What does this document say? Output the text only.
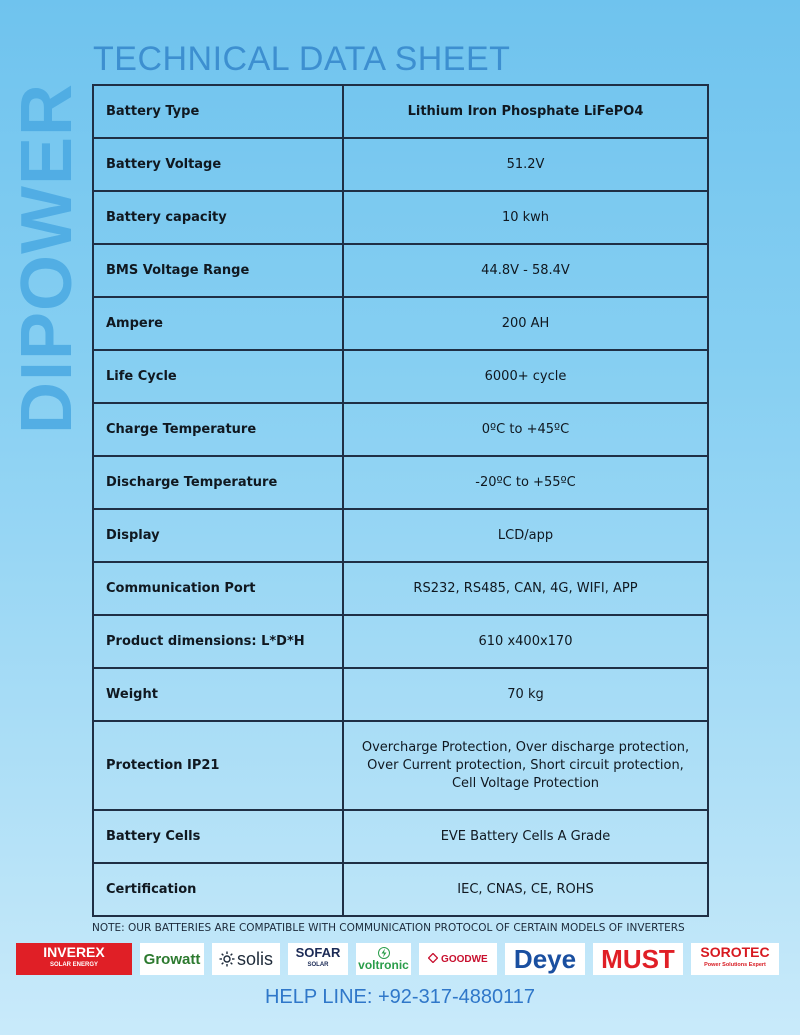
DIPOWER
TECHNICAL DATA SHEET
Battery Type	Lithium Iron Phosphate LiFePO4
Battery Voltage	51.2V
Battery capacity	10 kwh
BMS Voltage Range	44.8V - 58.4V
Ampere	200 AH
Life Cycle	6000+ cycle
Charge Temperature	0ºC to +45ºC
Discharge Temperature	-20ºC to +55ºC
Display	LCD/app
Communication Port	RS232, RS485, CAN, 4G, WIFI, APP
Product dimensions: L*D*H	610 x400x170
Weight	70 kg
Protection IP21	Overcharge Protection, Over discharge protection,
Over Current protection, Short circuit protection,
Cell Voltage Protection

Battery Cells	EVE Battery Cells A Grade
Certification	IEC, CNAS, CE, ROHS
NOTE: OUR BATTERIES ARE COMPATIBLE WITH COMMUNICATION PROTOCOL OF CERTAIN MODELS OF INVERTERS
INVEREX
SOLAR ENERGY	Growatt solis SOFAR
SOLAR voltronic	GOODWE	Deye MUST	SOROTEC
Power Solutions Expert
HELP LINE: +92-317-4880117
